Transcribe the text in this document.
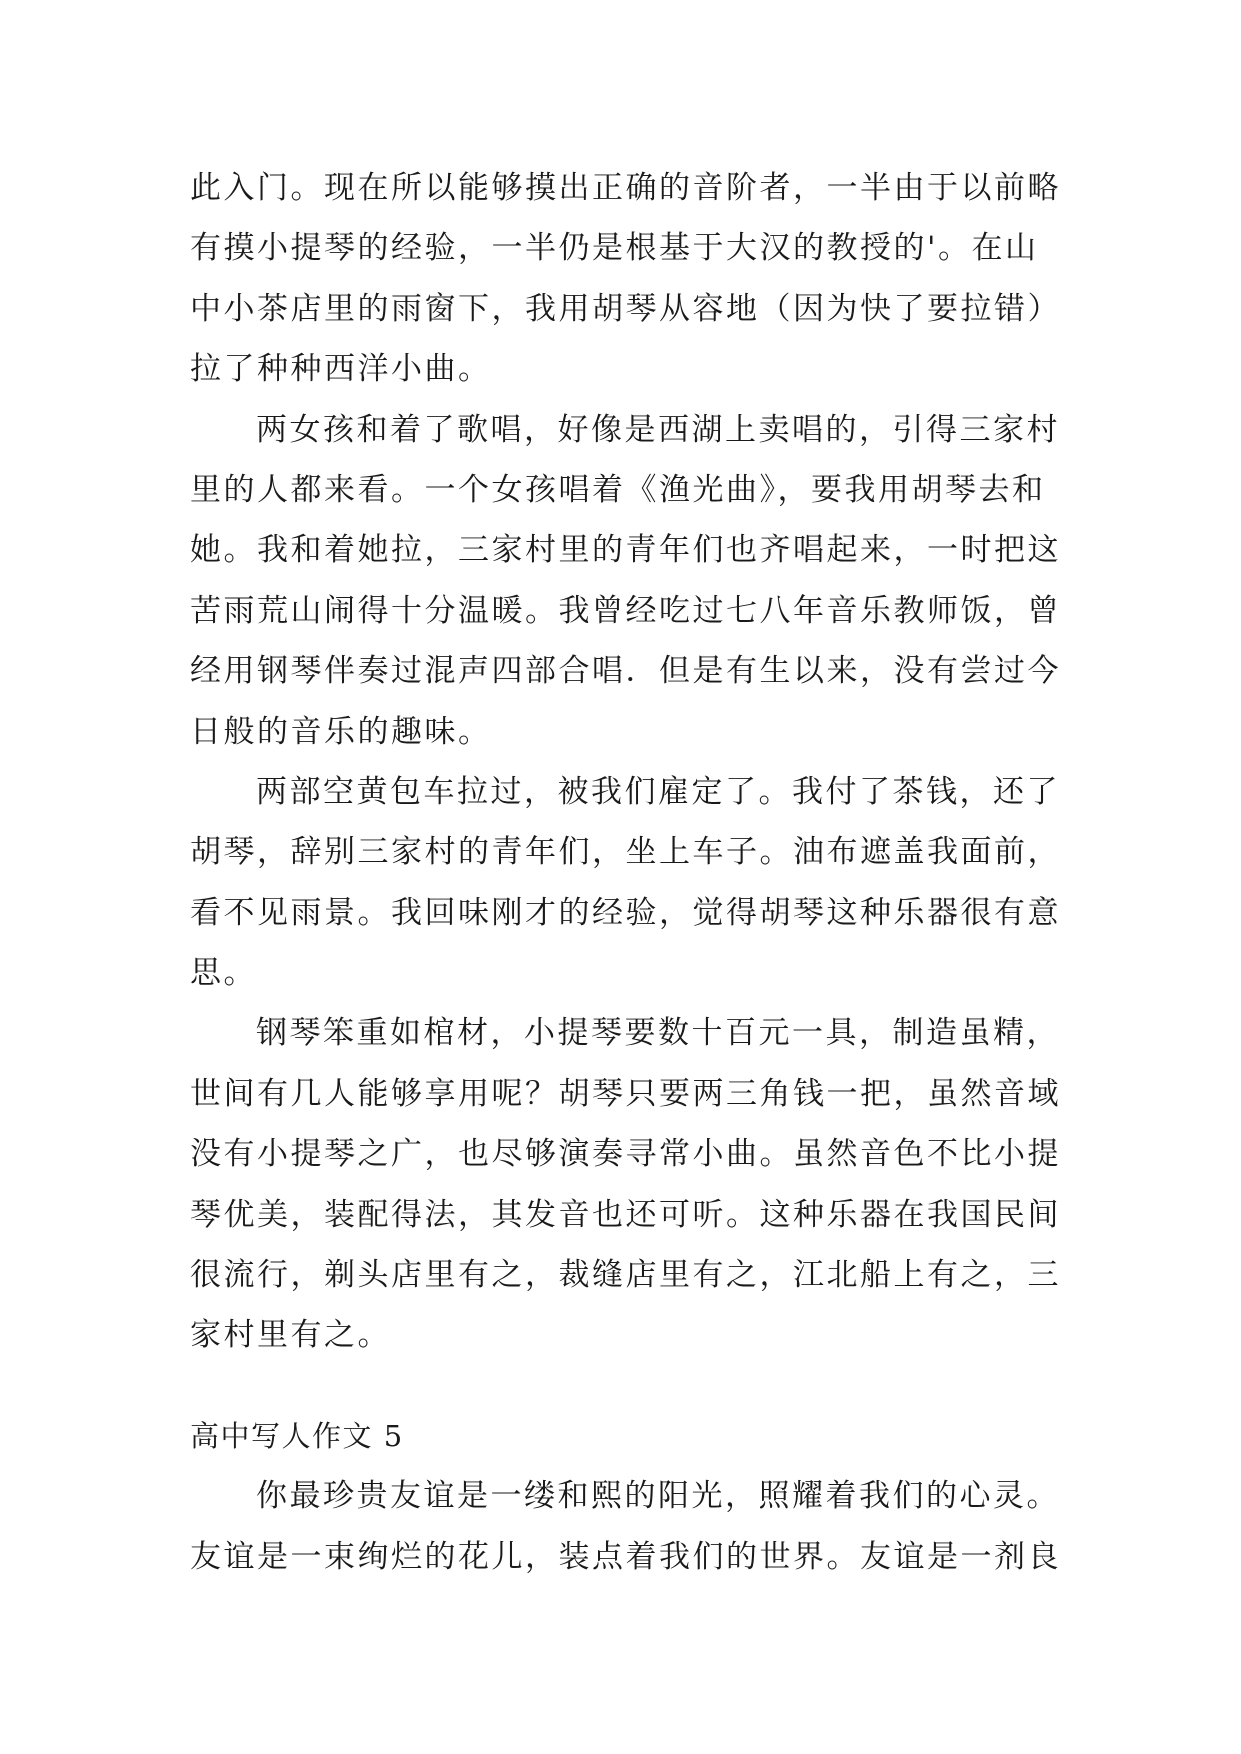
此入门。现在所以能够摸出正确的音阶者，一半由于以前略
有摸小提琴的经验，一半仍是根基于大汉的教授的'。在山
中小茶店里的雨窗下，我用胡琴从容地（因为快了要拉错）
拉了种种西洋小曲。
两女孩和着了歌唱，好像是西湖上卖唱的，引得三家村
里的人都来看。一个女孩唱着《渔光曲》，要我用胡琴去和
她。我和着她拉，三家村里的青年们也齐唱起来，一时把这
苦雨荒山闹得十分温暖。我曾经吃过七八年音乐教师饭，曾
经用钢琴伴奏过混声四部合唱．但是有生以来，没有尝过今
日般的音乐的趣味。
两部空黄包车拉过，被我们雇定了。我付了茶钱，还了
胡琴，辞别三家村的青年们，坐上车子。油布遮盖我面前，
看不见雨景。我回味刚才的经验，觉得胡琴这种乐器很有意
思。
钢琴笨重如棺材，小提琴要数十百元一具，制造虽精，
世间有几人能够享用呢？胡琴只要两三角钱一把，虽然音域
没有小提琴之广，也尽够演奏寻常小曲。虽然音色不比小提
琴优美，装配得法，其发音也还可听。这种乐器在我国民间
很流行，剃头店里有之，裁缝店里有之，江北船上有之，三
家村里有之。
高中写人作文 5
你最珍贵友谊是一缕和熙的阳光，照耀着我们的心灵。
友谊是一束绚烂的花儿，装点着我们的世界。友谊是一剂良
